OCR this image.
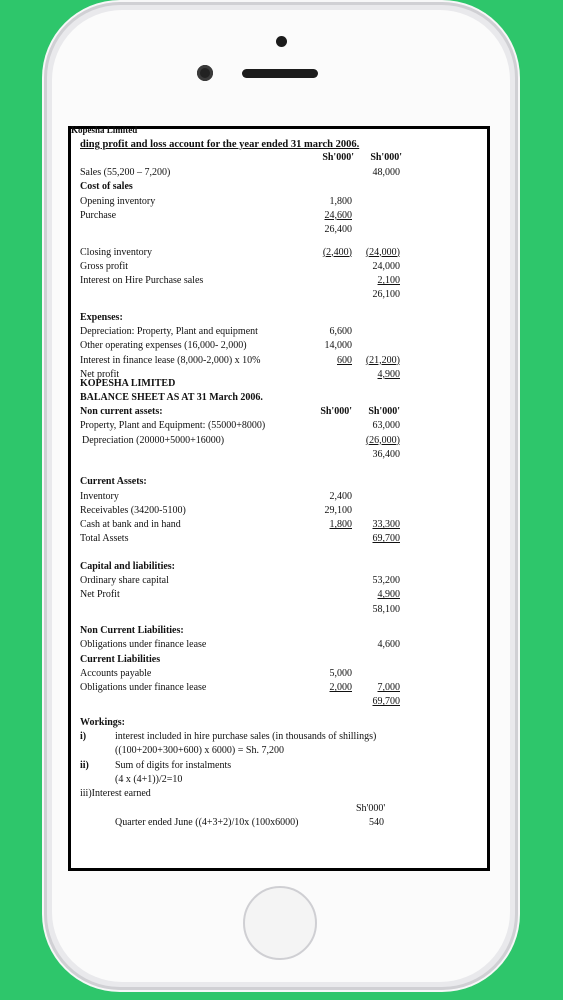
Kopesha Limited
ding profit and loss account for the year ended 31 march 2006.
Sh'000'	Sh'000'
Sales (55,200 – 7,200)	48,000
Cost of sales
Opening inventory	1,800
Purchase	24,600
26,400
Closing inventory	(2,400)	(24,000)
Gross profit	24,000
Interest on Hire Purchase sales	2,100
26,100
Expenses:
Depreciation: Property, Plant and equipment	6,600
Other operating expenses (16,000- 2,000)	14,000
Interest in finance lease (8,000-2,000) x 10%	600	(21,200)
Net profit	4,900
KOPESHA LIMITED
BALANCE SHEET AS AT 31 March 2006.
Non current assets:	Sh'000'	Sh'000'
Property, Plant and Equipment: (55000+8000)	63,000
Depreciation (20000+5000+16000)	(26,000)
36,400
Current Assets:
Inventory	2,400
Receivables (34200-5100)	29,100
Cash at bank and in hand	1,800	33,300
Total Assets	69,700
Capital and liabilities:
Ordinary share capital	53,200
Net Profit	4,900
58,100
Non Current Liabilities:
Obligations under finance lease	4,600
Current Liabilities
Accounts payable	5,000
Obligations under finance lease	2,000	7,000
69,700
Workings:
i)	interest included in hire purchase sales (in thousands of shillings)
((100+200+300+600) x 6000) = Sh. 7,200
ii)	Sum of digits for instalments
(4 x (4+1))/2=10
iii)Interest earned
Sh'000'
Quarter ended June ((4+3+2)/10x (100x6000)	540
